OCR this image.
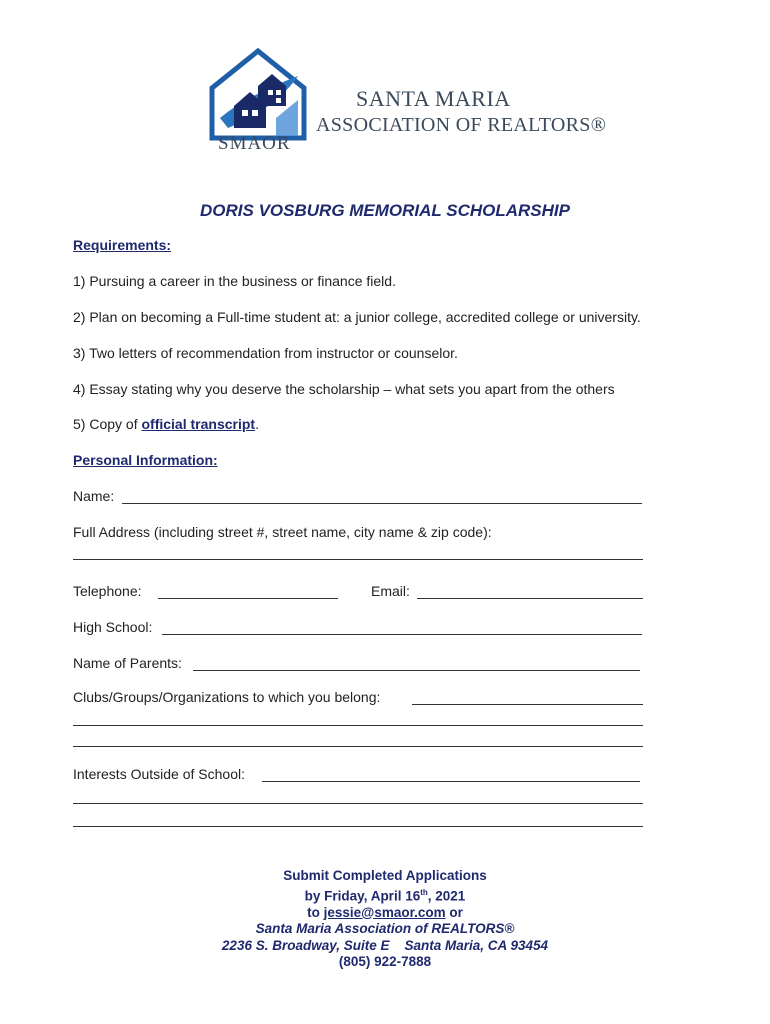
SMAOR
SANTA MARIA
ASSOCIATION OF REALTORS®
DORIS VOSBURG MEMORIAL SCHOLARSHIP
Requirements:
1) Pursuing a career in the business or finance field.
2) Plan on becoming a Full-time student at: a junior college, accredited college or university.
3) Two letters of recommendation from instructor or counselor.
4) Essay stating why you deserve the scholarship – what sets you apart from the others
5) Copy of official transcript.
Personal Information:
Name:
Full Address (including street #, street name, city name & zip code):
Telephone:	Email:
High School:
Name of Parents:
Clubs/Groups/Organizations to which you belong:
Interests Outside of School:
Submit Completed Applications
by Friday, April 16th, 2021
to jessie@smaor.com or
Santa Maria Association of REALTORS®
2236 S. Broadway, Suite E    Santa Maria, CA 93454
(805) 922-7888
